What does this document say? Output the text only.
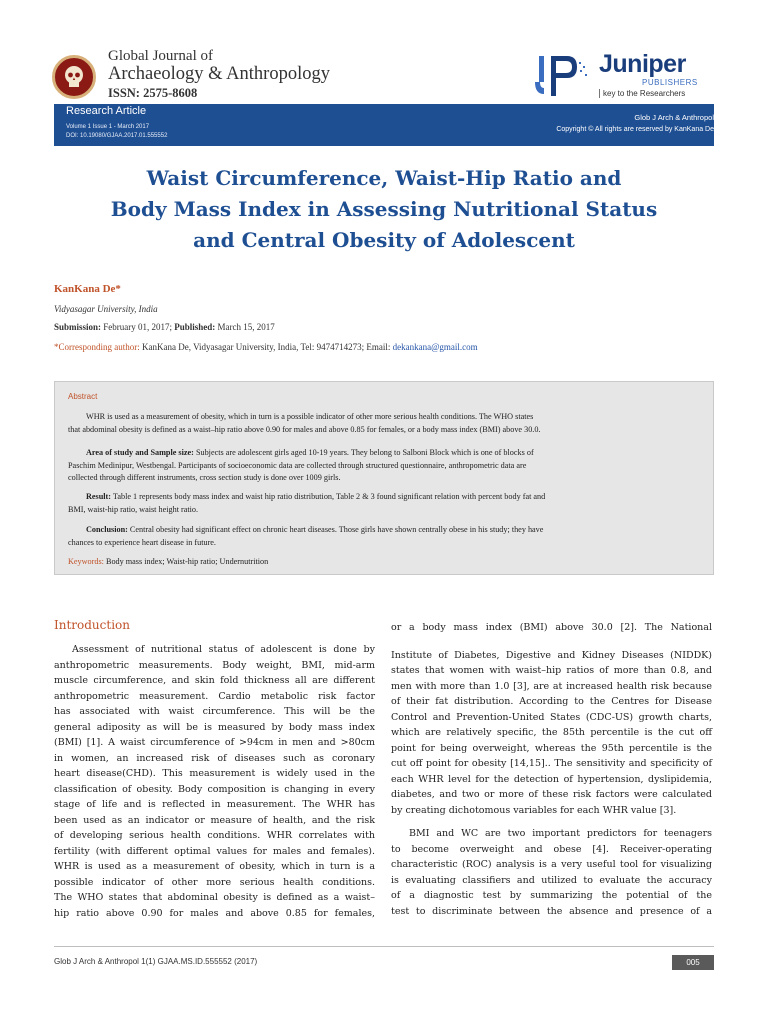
Global Journal of
Archaeology & Anthropology
ISSN: 2575-8608
Juniper
PUBLISHERS
key to the Researchers
Research Article
Volume 1 Issue 1 - March 2017
DOI: 10.19080/GJAA.2017.01.555552
Glob J Arch & Anthropol
Copyright © All rights are reserved by KanKana De
Waist Circumference, Waist-Hip Ratio and
Body Mass Index in Assessing Nutritional Status
and Central Obesity of Adolescent
KanKana De*
Vidyasagar University, India
Submission: February 01, 2017; Published: March 15, 2017
*Corresponding author: KanKana De, Vidyasagar University, India, Tel: 9474714273; Email: dekankana@gmail.com
Abstract
WHR is used as a measurement of obesity, which in turn is a possible indicator of other more serious health conditions. The WHO states
that abdominal obesity is defined as a waist–hip ratio above 0.90 for males and above 0.85 for females, or a body mass index (BMI) above 30.0.
Area of study and Sample size: Subjects are adolescent girls aged 10-19 years. They belong to Salboni Block which is one of blocks of
Paschim Medinipur, Westbengal. Participants of socioeconomic data are collected through structured questionnaire, anthropometric data are
collected through different instruments, cross section study is done over 1009 girls.
Result: Table 1 represents body mass index and waist hip ratio distribution, Table 2 & 3 found significant relation with percent body fat and
BMI, waist-hip ratio, waist height ratio.
Conclusion: Central obesity had significant effect on chronic heart diseases. Those girls have shown centrally obese in his study; they have
chances to experience heart disease in future.
Keywords: Body mass index; Waist-hip ratio; Undernutrition
Introduction
Assessment of nutritional status of adolescent is done by
anthropometric measurements. Body weight, BMI, mid-arm
muscle circumference, and skin fold thickness all are different
anthropometric measurement. Cardio metabolic risk factor
has associated with waist circumference. This will be the
general adiposity as will be is measured by body mass index
(BMI) [1]. A waist circumference of >94cm in men and >80cm
in women, an increased risk of diseases such as coronary
heart disease(CHD). This measurement is widely used in the
classification of obesity. Body composition is changing in every
stage of life and is reflected in measurement. The WHR has
been used as an indicator or measure of health, and the risk
of developing serious health conditions. WHR correlates with
fertility (with different optimal values for males and females).
WHR is used as a measurement of obesity, which in turn is a
possible indicator of other more serious health conditions.
The WHO states that abdominal obesity is defined as a waist–
hip ratio above 0.90 for males and above 0.85 for females,
or a body mass index (BMI) above 30.0 [2]. The National
Institute of Diabetes, Digestive and Kidney Diseases (NIDDK)
states that women with waist–hip ratios of more than 0.8, and
men with more than 1.0 [3], are at increased health risk because
of their fat distribution. According to the Centres for Disease
Control and Prevention-United States (CDC-US) growth charts,
which are relatively specific, the 85th percentile is the cut off
point for being overweight, whereas the 95th percentile is the
cut off point for obesity [14,15].. The sensitivity and specificity of
each WHR level for the detection of hypertension, dyslipidemia,
diabetes, and two or more of these risk factors were calculated
by creating dichotomous variables for each WHR value [3].
BMI and WC are two important predictors for teenagers
to become overweight and obese [4]. Receiver-operating
characteristic (ROC) analysis is a very useful tool for visualizing
is evaluating classifiers and utilized to evaluate the accuracy
of a diagnostic test by summarizing the potential of the
test to discriminate between the absence and presence of a
Glob J Arch & Anthropol 1(1) GJAA.MS.ID.555552 (2017)	005
